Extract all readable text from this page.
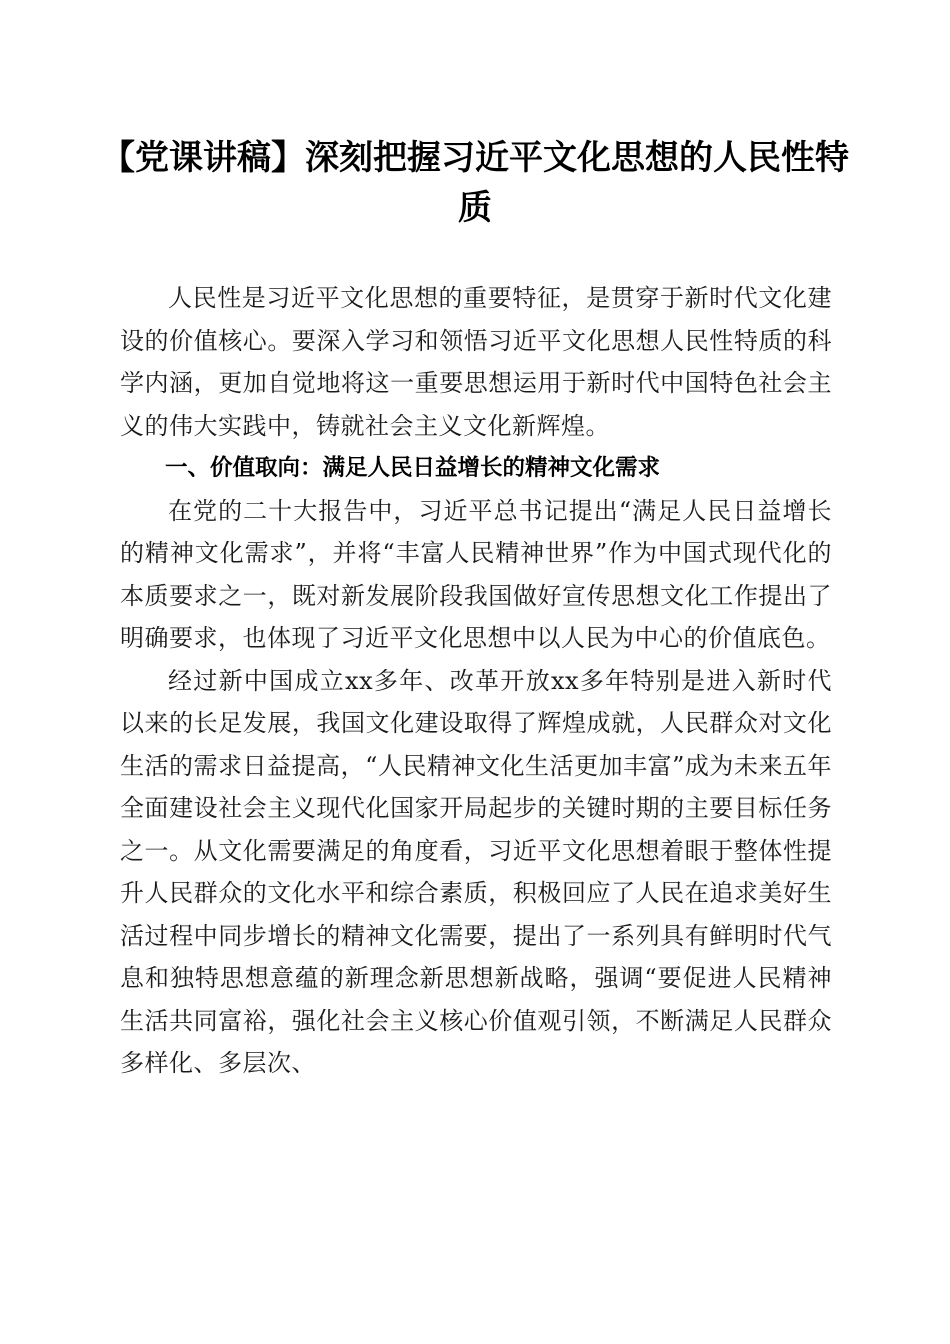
【党课讲稿】深刻把握习近平文化思想的人民性特质

人民性是习近平文化思想的重要特征，是贯穿于新时代文化建设的价值核心。要深入学习和领悟习近平文化思想人民性特质的科学内涵，更加自觉地将这一重要思想运用于新时代中国特色社会主义的伟大实践中，铸就社会主义文化新辉煌。

一、价值取向：满足人民日益增长的精神文化需求

在党的二十大报告中，习近平总书记提出“满足人民日益增长的精神文化需求”，并将“丰富人民精神世界”作为中国式现代化的本质要求之一，既对新发展阶段我国做好宣传思想文化工作提出了明确要求，也体现了习近平文化思想中以人民为中心的价值底色。

经过新中国成立xx多年、改革开放xx多年特别是进入新时代以来的长足发展，我国文化建设取得了辉煌成就，人民群众对文化生活的需求日益提高，“人民精神文化生活更加丰富”成为未来五年全面建设社会主义现代化国家开局起步的关键时期的主要目标任务之一。从文化需要满足的角度看，习近平文化思想着眼于整体性提升人民群众的文化水平和综合素质，积极回应了人民在追求美好生活过程中同步增长的精神文化需要，提出了一系列具有鲜明时代气息和独特思想意蕴的新理念新思想新战略，强调“要促进人民精神生活共同富裕，强化社会主义核心价值观引领，不断满足人民群众多样化、多层次、
